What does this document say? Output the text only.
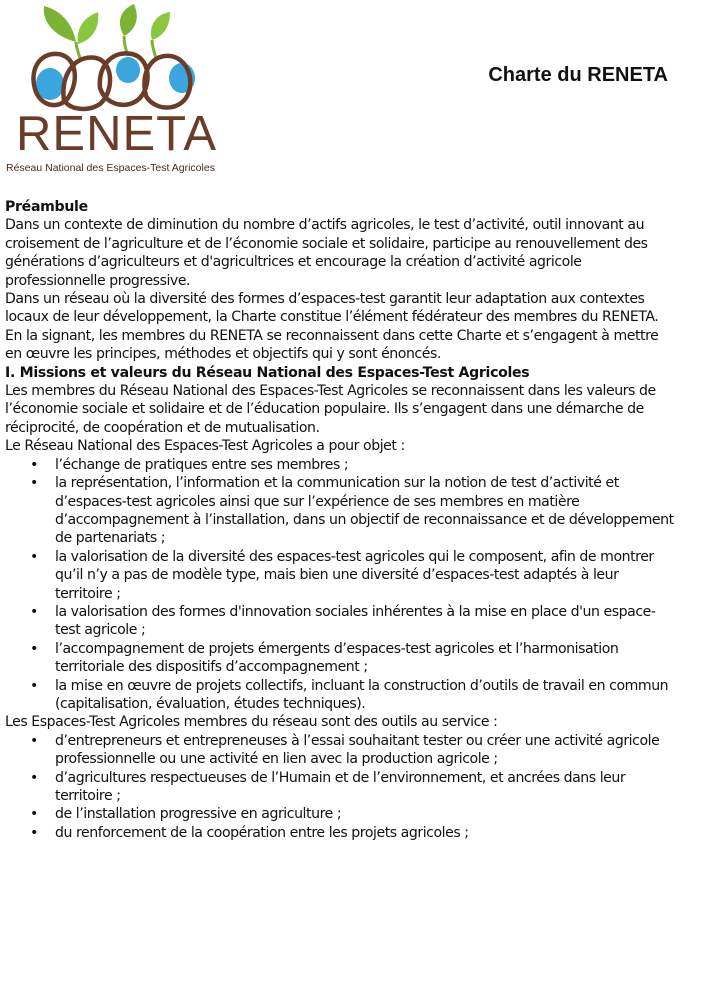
RENETA
Réseau National des Espaces-Test Agricoles
Charte du RENETA
Préambule

Dans un contexte de diminution du nombre d’actifs agricoles, le test d’activité, outil innovant au croisement de l’agriculture et de l’économie sociale et solidaire, participe au renouvellement des générations d’agriculteurs et d'agricultrices et encourage la création d’activité agricole professionnelle progressive.

Dans un réseau où la diversité des formes d’espaces-test garantit leur adaptation aux contextes locaux de leur développement, la Charte constitue l’élément fédérateur des membres du RENETA.

En la signant, les membres du RENETA se reconnaissent dans cette Charte et s’engagent à mettre en œuvre les principes, méthodes et objectifs qui y sont énoncés.

I. Missions et valeurs du Réseau National des Espaces-Test Agricoles

Les membres du Réseau National des Espaces-Test Agricoles se reconnaissent dans les valeurs de l’économie sociale et solidaire et de l’éducation populaire. Ils s’engagent dans une démarche de réciprocité, de coopération et de mutualisation.

Le Réseau National des Espaces-Test Agricoles a pour objet :

• l’échange de pratiques entre ses membres ;
• la représentation, l’information et la communication sur la notion de test d’activité et d’espaces-test agricoles ainsi que sur l’expérience de ses membres en matière d’accompagnement à l’installation, dans un objectif de reconnaissance et de développement de partenariats ;
• la valorisation de la diversité des espaces-test agricoles qui le composent, afin de montrer qu’il n’y a pas de modèle type, mais bien une diversité d’espaces-test adaptés à leur territoire ;
• la valorisation des formes d'innovation sociales inhérentes à la mise en place d'un espace-test agricole ;
• l’accompagnement de projets émergents d’espaces-test agricoles et l’harmonisation territoriale des dispositifs d’accompagnement ;
• la mise en œuvre de projets collectifs, incluant la construction d’outils de travail en commun (capitalisation, évaluation, études techniques).

Les Espaces-Test Agricoles membres du réseau sont des outils au service :

• d’entrepreneurs et entrepreneuses à l’essai souhaitant tester ou créer une activité agricole professionnelle ou une activité en lien avec la production agricole ;
• d’agricultures respectueuses de l’Humain et de l’environnement, et ancrées dans leur territoire ;
• de l’installation progressive en agriculture ;
• du renforcement de la coopération entre les projets agricoles ;
